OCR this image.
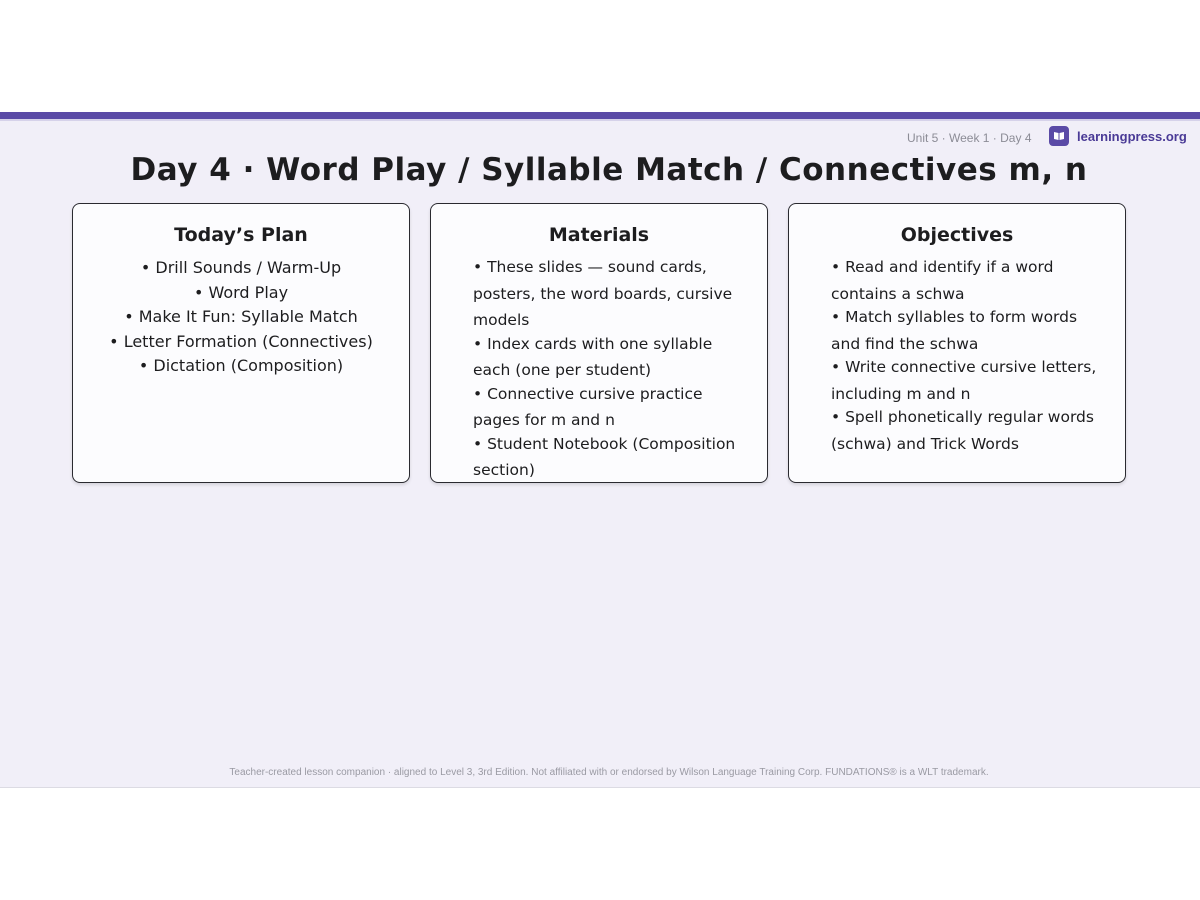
Unit 5 · Week 1 · Day 4	learningpress.org
Day 4 · Word Play / Syllable Match / Connectives m, n
Today’s Plan
• Drill Sounds / Warm-Up
• Word Play
• Make It Fun: Syllable Match
• Letter Formation (Connectives)
• Dictation (Composition)
Materials
• These slides — sound cards, posters, the word boards, cursive models
• Index cards with one syllable each (one per student)
• Connective cursive practice pages for m and n
• Student Notebook (Composition section)
Objectives
• Read and identify if a word contains a schwa
• Match syllables to form words and find the schwa
• Write connective cursive letters, including m and n
• Spell phonetically regular words (schwa) and Trick Words
Teacher-created lesson companion · aligned to Level 3, 3rd Edition. Not affiliated with or endorsed by Wilson Language Training Corp. FUNDATIONS® is a WLT trademark.
